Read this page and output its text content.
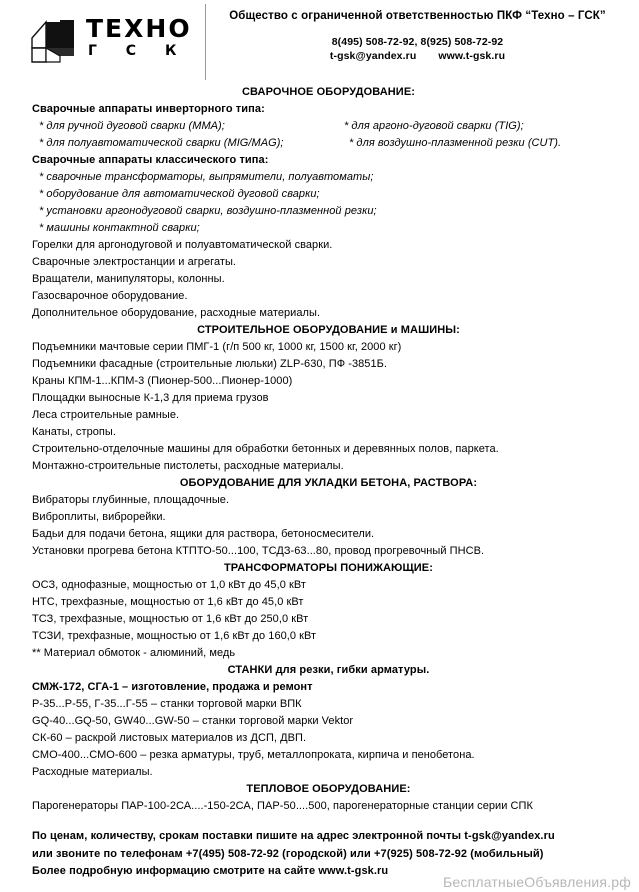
ТЕХНО
Г С К
Общество с ограниченной ответственностью ПКФ “Техно – ГСК”
8(495) 508-72-92, 8(925) 508-72-92
t-gsk@yandex.ru www.t-gsk.ru
СВАРОЧНОЕ ОБОРУДОВАНИЕ:
Сварочные аппараты инверторного типа:
* для ручной дуговой сварки (MMA);
* для полуавтоматической сварки (MIG/MAG);
* для аргоно-дуговой сварки (TIG);
* для воздушно-плазменной резки (CUT).
Сварочные аппараты классического типа:
* сварочные трансформаторы, выпрямители, полуавтоматы;
* оборудование для автоматической дуговой сварки;
* установки аргонодуговой сварки, воздушно-плазменной резки;
* машины контактной сварки;
Горелки для аргонодуговой и полуавтоматической сварки.
Сварочные электростанции и агрегаты.
Вращатели, манипуляторы, колонны.
Газосварочное оборудование.
Дополнительное оборудование, расходные материалы.
СТРОИТЕЛЬНОЕ ОБОРУДОВАНИЕ и МАШИНЫ:
Подъемники мачтовые серии ПМГ-1 (г/п 500 кг, 1000 кг, 1500 кг, 2000 кг)
Подъемники фасадные (строительные люльки) ZLP-630, ПФ -3851Б.
Краны КПМ-1...КПМ-3 (Пионер-500...Пионер-1000)
Площадки выносные К-1,3 для приема грузов
Леса строительные рамные.
Канаты, стропы.
Строительно-отделочные машины для обработки бетонных и деревянных полов, паркета.
Монтажно-строительные пистолеты, расходные материалы.
ОБОРУДОВАНИЕ ДЛЯ УКЛАДКИ БЕТОНА, РАСТВОРА:
Вибраторы глубинные, площадочные.
Виброплиты, виброрейки.
Бадьи для подачи бетона, ящики для раствора, бетоносмесители.
Установки прогрева бетона КТПТО-50...100, ТСДЗ-63...80, провод прогревочный ПНСВ.
ТРАНСФОРМАТОРЫ ПОНИЖАЮЩИЕ:
ОСЗ, однофазные, мощностью от 1,0 кВт до 45,0 кВт
НТС, трехфазные, мощностью от 1,6 кВт до 45,0 кВт
ТСЗ, трехфазные, мощностью от 1,6 кВт до 250,0 кВт
ТСЗИ, трехфазные, мощностью от 1,6 кВт до 160,0 кВт
** Материал обмоток - алюминий, медь
СТАНКИ для резки, гибки арматуры.
СМЖ-172, СГА-1 – изготовление, продажа и ремонт
Р-35...Р-55, Г-35...Г-55 – станки торговой марки ВПК
GQ-40...GQ-50, GW40...GW-50 – станки торговой марки Vektor
СК-60 – раскрой листовых материалов из ДСП, ДВП.
СМО-400...СМО-600 – резка арматуры, труб, металлопроката, кирпича и пенобетона.
Расходные материалы.
ТЕПЛОВОЕ ОБОРУДОВАНИЕ:
Парогенераторы ПАР-100-2СА....-150-2СА, ПАР-50....500, парогенераторные станции серии СПК
По ценам, количеству, срокам поставки пишите на адрес электронной почты t-gsk@yandex.ru
или звоните по телефонам +7(495) 508-72-92 (городской) или +7(925) 508-72-92 (мобильный)
Более подробную информацию смотрите на сайте www.t-gsk.ru
БесплатныеОбъявления.рф
